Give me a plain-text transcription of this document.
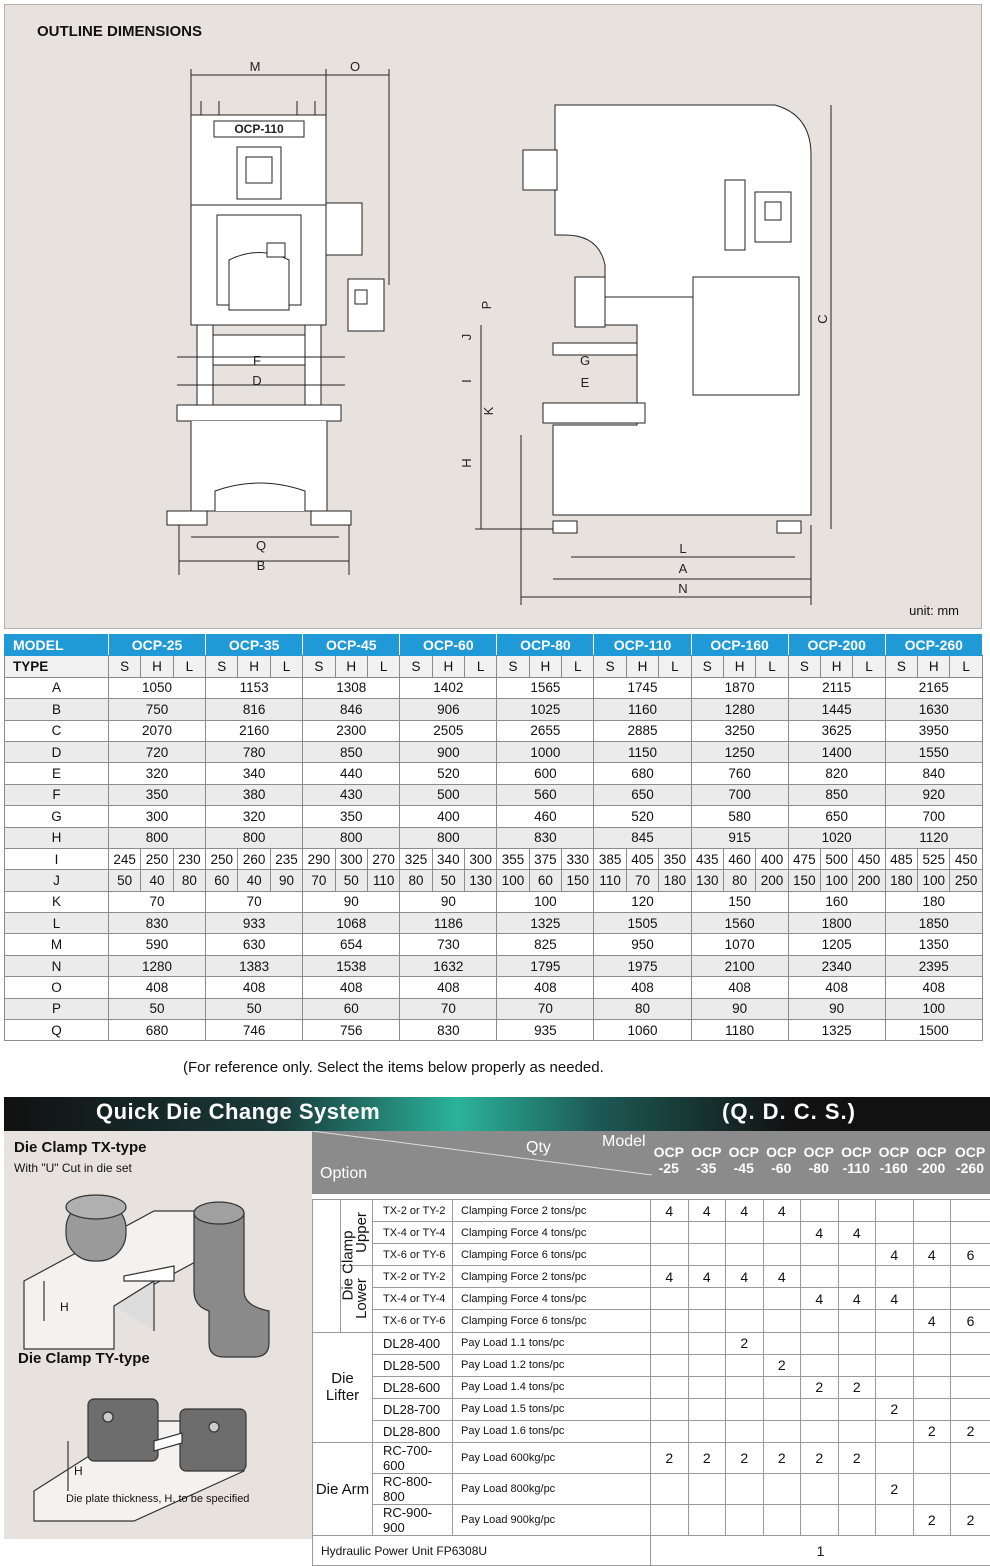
OUTLINE DIMENSIONS
OCP-110
M	O
F
D
Q
B
P
J
G
I	E
K
H
C
L
A
N
unit: mm
MODEL	OCP-25			OCP-35			OCP-45			OCP-60			OCP-80			OCP-110			OCP-160			OCP-200			OCP-260		
TYPE	S	H	L	S	H	L	S	H	L	S	H	L	S	H	L	S	H	L	S	H	L	S	H	L	S	H	L
A	1050			1153			1308			1402			1565			1745			1870			2115			2165		
B	750			816			846			906			1025			1160			1280			1445			1630		
C	2070			2160			2300			2505			2655			2885			3250			3625			3950		
D	720			780			850			900			1000			1150			1250			1400			1550		
E	320			340			440			520			600			680			760			820			840		
F	350			380			430			500			560			650			700			850			920		
G	300			320			350			400			460			520			580			650			700		
H	800			800			800			800			830			845			915			1020			1120		
I	245	250	230	250	260	235	290	300	270	325	340	300	355	375	330	385	405	350	435	460	400	475	500	450	485	525	450
J	50	40	80	60	40	90	70	50	110	80	50	130	100	60	150	110	70	180	130	80	200	150	100	200	180	100	250
K	70			70			90			90			100			120			150			160			180		
L	830			933			1068			1186			1325			1505			1560			1800			1850		
M	590			630			654			730			825			950			1070			1205			1350		
N	1280			1383			1538			1632			1795			1975			2100			2340			2395		
O	408			408			408			408			408			408			408			408			408		
P	50			50			60			70			70			80			90			90			100		
Q	680			746			756			830			935			1060			1180			1325			1500		
(For reference only. Select the items below properly as needed.
Quick Die Change System	(Q. D. C. S.)
Die Clamp TX-type
With "U" Cut in die set
H
Die Clamp TY-type
H
Die plate thickness, H, to be specified
Option
Qty	Model
OCP
-25
OCP
-35
OCP
-45
OCP
-60
OCP
-80
OCP
-110
OCP
-160
OCP
-200
OCP
-260
Die Clamp	Upper	TX-2 or TY-2	Clamping Force 2 tons/pc	4	4	4	4					
		TX-4 or TY-4	Clamping Force 4 tons/pc					4	4			
		TX-6 or TY-6	Clamping Force 6 tons/pc							4	4	6
	Lower	TX-2 or TY-2	Clamping Force 2 tons/pc	4	4	4	4					
		TX-4 or TY-4	Clamping Force 4 tons/pc					4	4	4		
		TX-6 or TY-6	Clamping Force 6 tons/pc								4	6
Die Lifter		DL28-400	Pay Load 1.1 tons/pc			2						
		DL28-500	Pay Load 1.2 tons/pc				2					
		DL28-600	Pay Load 1.4 tons/pc					2	2			
		DL28-700	Pay Load 1.5 tons/pc							2		
		DL28-800	Pay Load 1.6 tons/pc								2	2
Die Arm		RC-700-600	Pay Load 600kg/pc	2	2	2	2	2	2			
		RC-800-800	Pay Load 800kg/pc							2		
		RC-900-900	Pay Load 900kg/pc								2	2
Hydraulic Power Unit FP6308U				1								
